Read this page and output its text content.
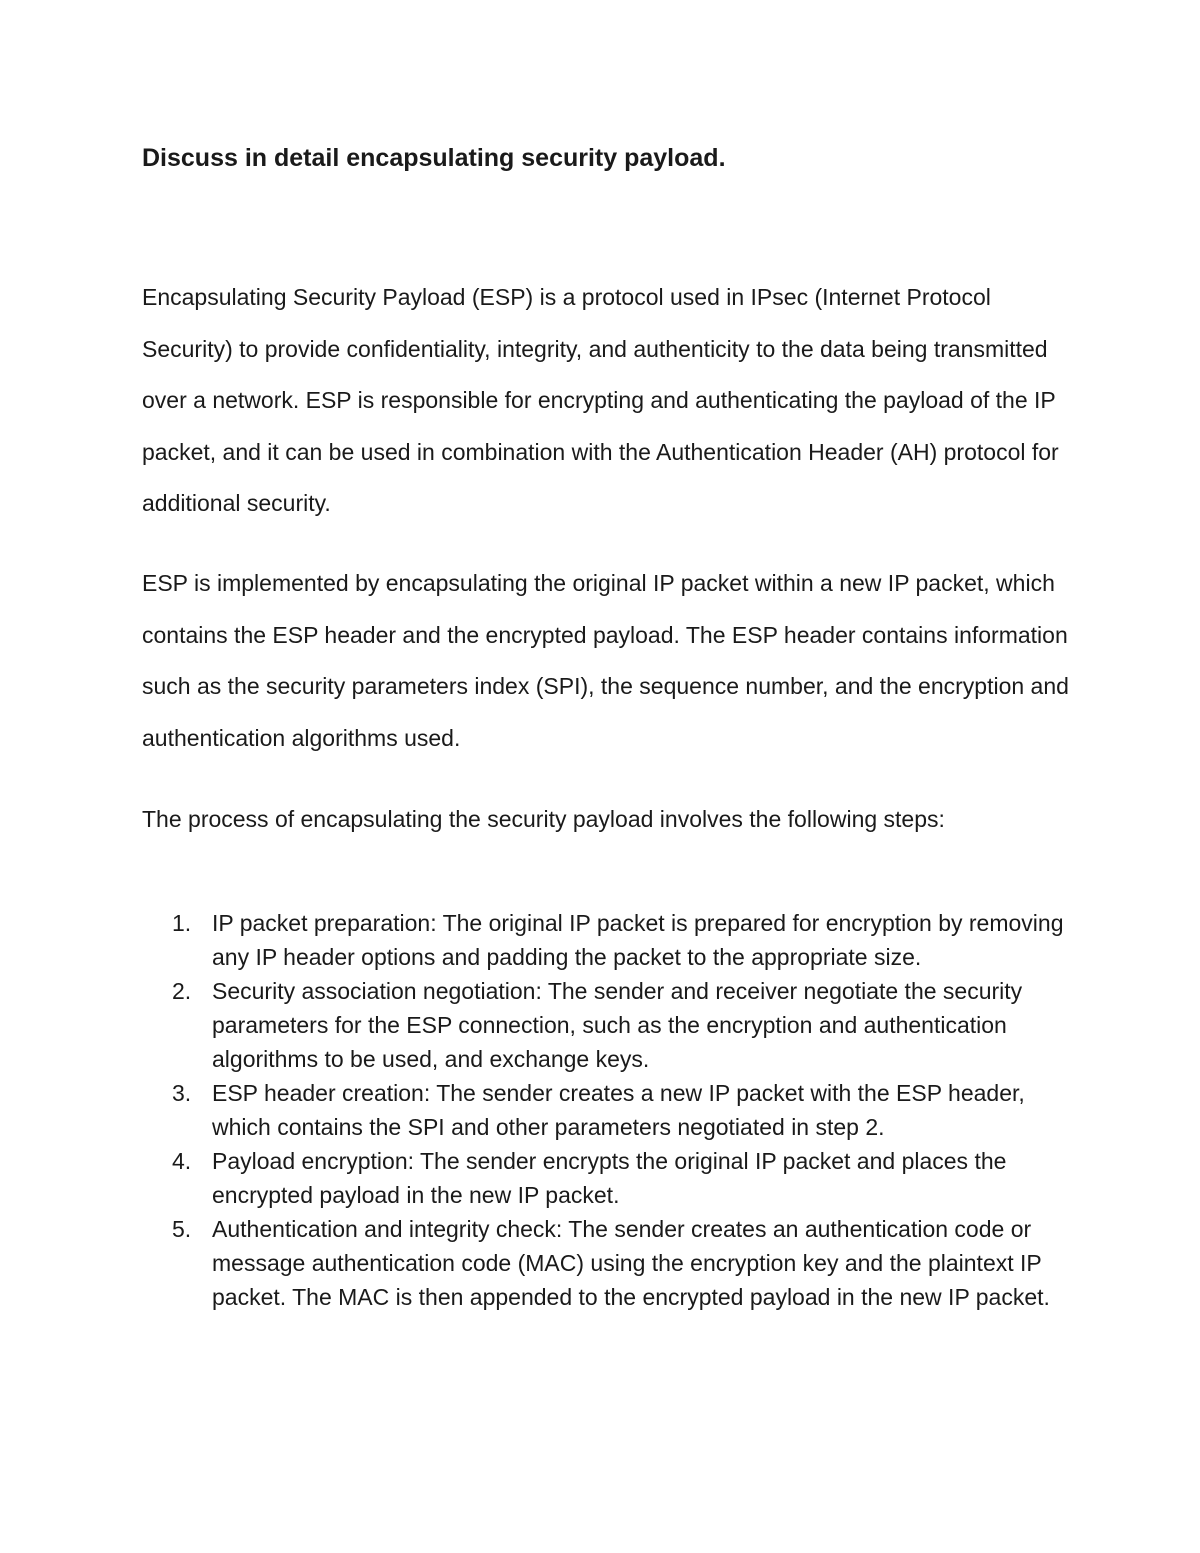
Discuss in detail encapsulating security payload.

Encapsulating Security Payload (ESP) is a protocol used in IPsec (Internet Protocol Security) to provide confidentiality, integrity, and authenticity to the data being transmitted over a network. ESP is responsible for encrypting and authenticating the payload of the IP packet, and it can be used in combination with the Authentication Header (AH) protocol for additional security.

ESP is implemented by encapsulating the original IP packet within a new IP packet, which contains the ESP header and the encrypted payload. The ESP header contains information such as the security parameters index (SPI), the sequence number, and the encryption and authentication algorithms used.

The process of encapsulating the security payload involves the following steps:

1. IP packet preparation: The original IP packet is prepared for encryption by removing any IP header options and padding the packet to the appropriate size.
2. Security association negotiation: The sender and receiver negotiate the security parameters for the ESP connection, such as the encryption and authentication algorithms to be used, and exchange keys.
3. ESP header creation: The sender creates a new IP packet with the ESP header, which contains the SPI and other parameters negotiated in step 2.
4. Payload encryption: The sender encrypts the original IP packet and places the encrypted payload in the new IP packet.
5. Authentication and integrity check: The sender creates an authentication code or message authentication code (MAC) using the encryption key and the plaintext IP packet. The MAC is then appended to the encrypted payload in the new IP packet.
